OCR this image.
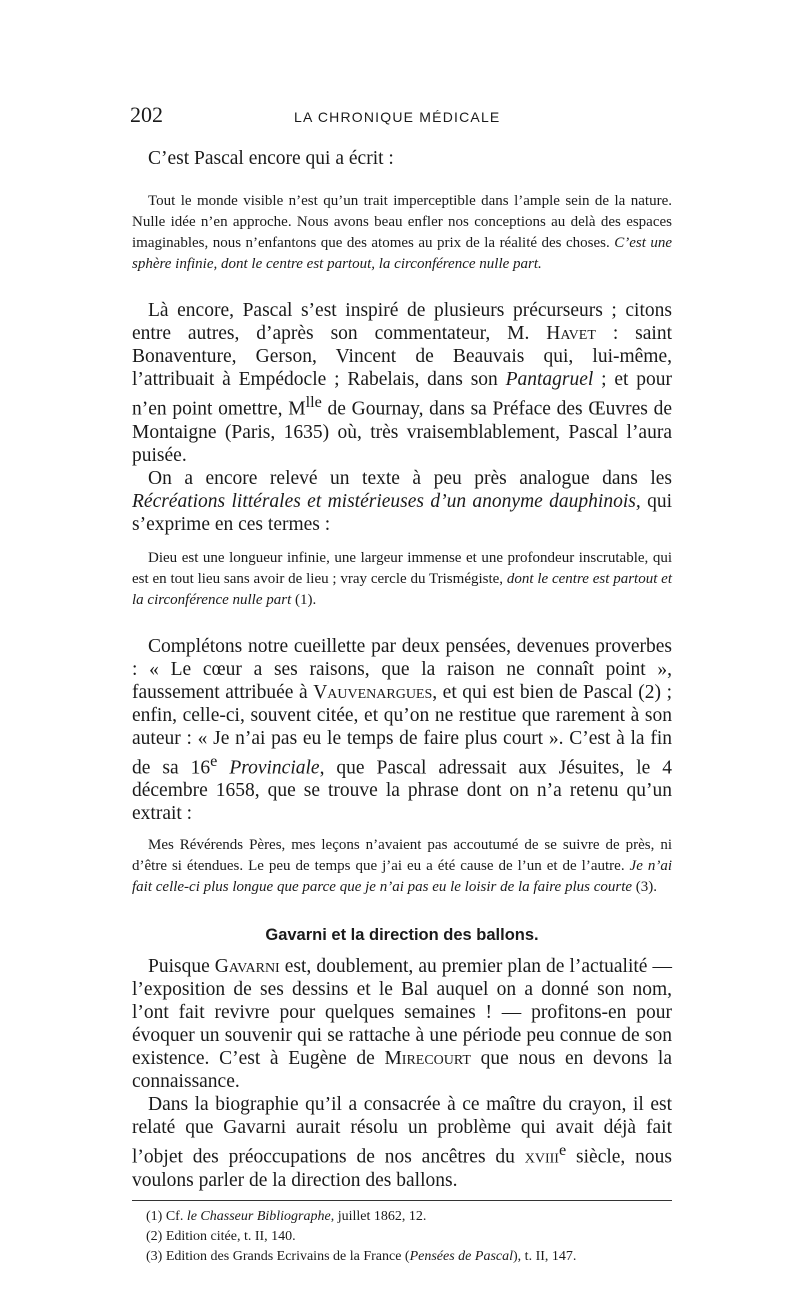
202	LA CHRONIQUE MÉDICALE

C’est Pascal encore qui a écrit :

Tout le monde visible n’est qu’un trait imperceptible dans l’ample sein de la nature. Nulle idée n’en approche. Nous avons beau enfler nos conceptions au delà des espaces imaginables, nous n’enfantons que des atomes au prix de la réalité des choses. C’est une sphère infinie, dont le centre est partout, la circonférence nulle part.

Là encore, Pascal s’est inspiré de plusieurs précurseurs ; citons entre autres, d’après son commentateur, M. Havet : saint Bonaventure, Gerson, Vincent de Beauvais qui, lui-même, l’attribuait à Empédocle ; Rabelais, dans son Pantagruel ; et pour n’en point omettre, $M^{lle}$ de Gournay, dans sa Préface des Œuvres de Montaigne (Paris, 1635) où, très vraisemblablement, Pascal l’aura puisée.

On a encore relevé un texte à peu près analogue dans les Récréations littérales et mistérieuses d’un anonyme dauphinois, qui s’exprime en ces termes :

Dieu est une longueur infinie, une largeur immense et une profondeur inscrutable, qui est en tout lieu sans avoir de lieu ; vray cercle du Trismégiste, dont le centre est partout et la circonférence nulle part (1).

Complétons notre cueillette par deux pensées, devenues proverbes : « Le cœur a ses raisons, que la raison ne connaît point », faussement attribuée à Vauvenargues, et qui est bien de Pascal (2) ; enfin, celle-ci, souvent citée, et qu’on ne restitue que rarement à son auteur : « Je n’ai pas eu le temps de faire plus court ». C’est à la fin de sa 16e Provinciale, que Pascal adressait aux Jésuites, le 4 décembre 1658, que se trouve la phrase dont on n’a retenu qu’un extrait :

Mes Révérends Pères, mes leçons n’avaient pas accoutumé de se suivre de près, ni d’être si étendues. Le peu de temps que j’ai eu a été cause de l’un et de l’autre. Je n’ai fait celle-ci plus longue que parce que je n’ai pas eu le loisir de la faire plus courte (3).

Gavarni et la direction des ballons.

Puisque Gavarni est, doublement, au premier plan de l’actualité — l’exposition de ses dessins et le Bal auquel on a donné son nom, l’ont fait revivre pour quelques semaines ! — profitons-en pour évoquer un souvenir qui se rattache à une période peu connue de son existence. C’est à Eugène de Mirecourt que nous en devons la connaissance.

Dans la biographie qu’il a consacrée à ce maître du crayon, il est relaté que Gavarni aurait résolu un problème qui avait déjà fait l’objet des préoccupations de nos ancêtres du xviii$^e$ siècle, nous voulons parler de la direction des ballons.

(1) Cf. le Chasseur Bibliographe, juillet 1862, 12.
(2) Edition citée, t. II, 140.
(3) Edition des Grands Ecrivains de la France (Pensées de Pascal), t. II, 147.
